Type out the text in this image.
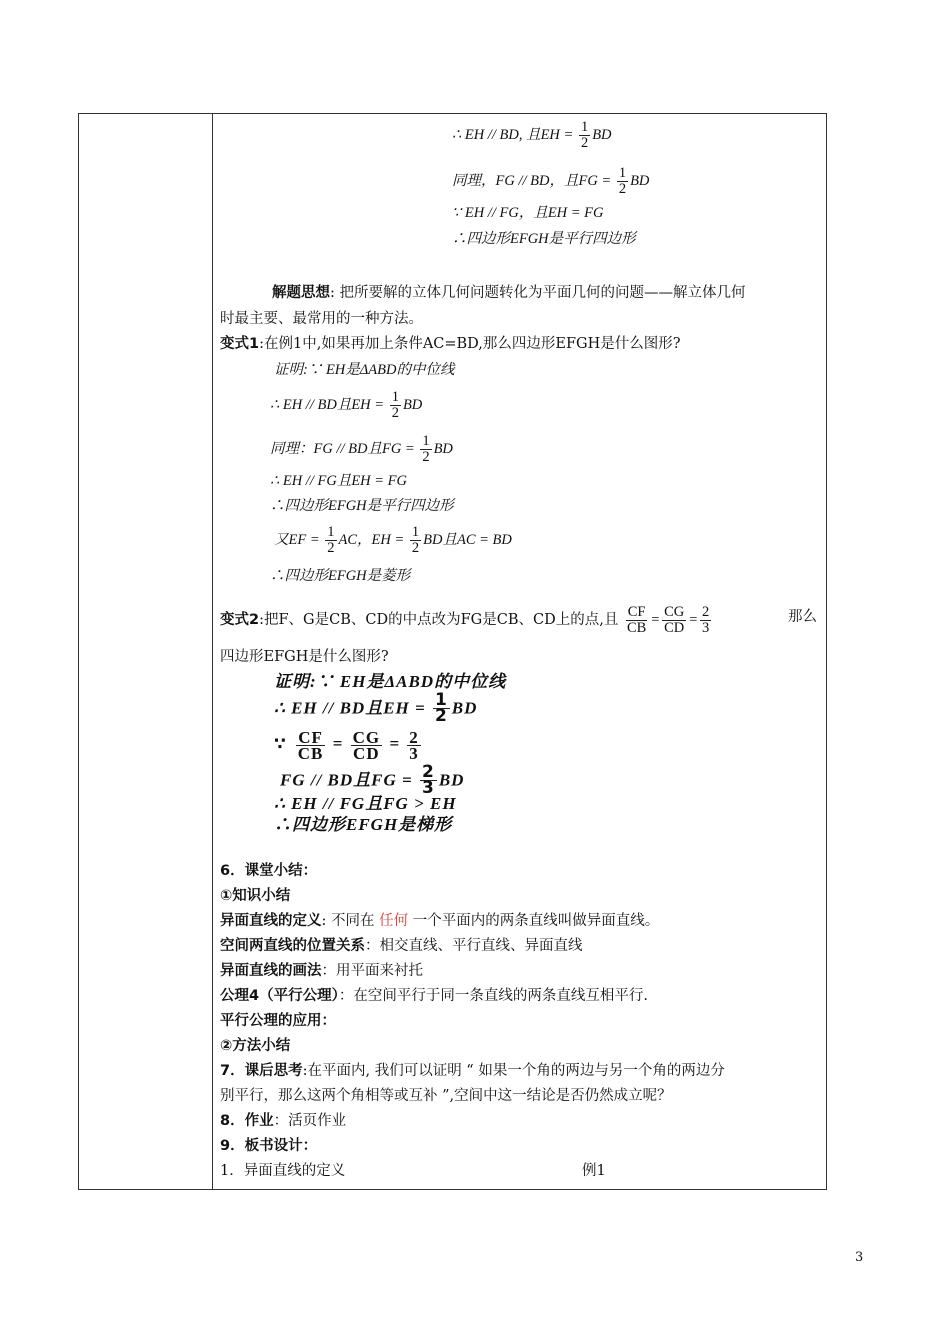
∴ EH // BD, 且EH = $\frac{1}{2}$ BD
同理，FG // BD，且FG = $\frac{1}{2}$ BD
∵ EH // FG，且EH = FG
∴四边形EFGH是平行四边形
解题思想: 把所要解的立体几何问题转化为平面几何的问题——解立体几何
时最主要、最常用的一种方法。
变式1:在例1中,如果再加上条件AC=BD,那么四边形EFGH是什么图形?
证明:∵ EH是ΔABD的中位线
∴ EH // BD且EH = $\frac{1}{2}$ BD
同理：FG // BD且FG = $\frac{1}{2}$ BD
∴ EH // FG且EH = FG
∴四边形EFGH是平行四边形
又EF = $\frac{1}{2}$ AC，EH = $\frac{1}{2}$ BD且AC = BD
∴四边形EFGH是菱形
变式2:把F、G是CB、CD的中点改为FG是CB、CD上的点,且 $\frac{CF}{CB} = \frac{CG}{CD} = \frac{2}{3}$	那么
四边形EFGH是什么图形?
证明:∵ EH是ΔABD的中位线
∴ EH // BD且EH = $\frac{1}{2}$ BD
∵ $\frac{CF}{CB} = \frac{CG}{CD} = \frac{2}{3}$
FG // BD且FG = $\frac{2}{3}$ BD
∴ EH // FG且FG > EH
∴四边形EFGH是梯形
6．课堂小结：
①知识小结
异面直线的定义: 不同在 任何 一个平面内的两条直线叫做异面直线。
空间两直线的位置关系：相交直线、平行直线、异面直线
异面直线的画法：用平面来衬托
公理4（平行公理）：在空间平行于同一条直线的两条直线互相平行.
平行公理的应用：
②方法小结
7．课后思考:在平面内, 我们可以证明 “ 如果一个角的两边与另一个角的两边分
别平行，那么这两个角相等或互补 ”,空间中这一结论是否仍然成立呢？
8．作业：活页作业
9．板书设计：
1．异面直线的定义	例1
3
